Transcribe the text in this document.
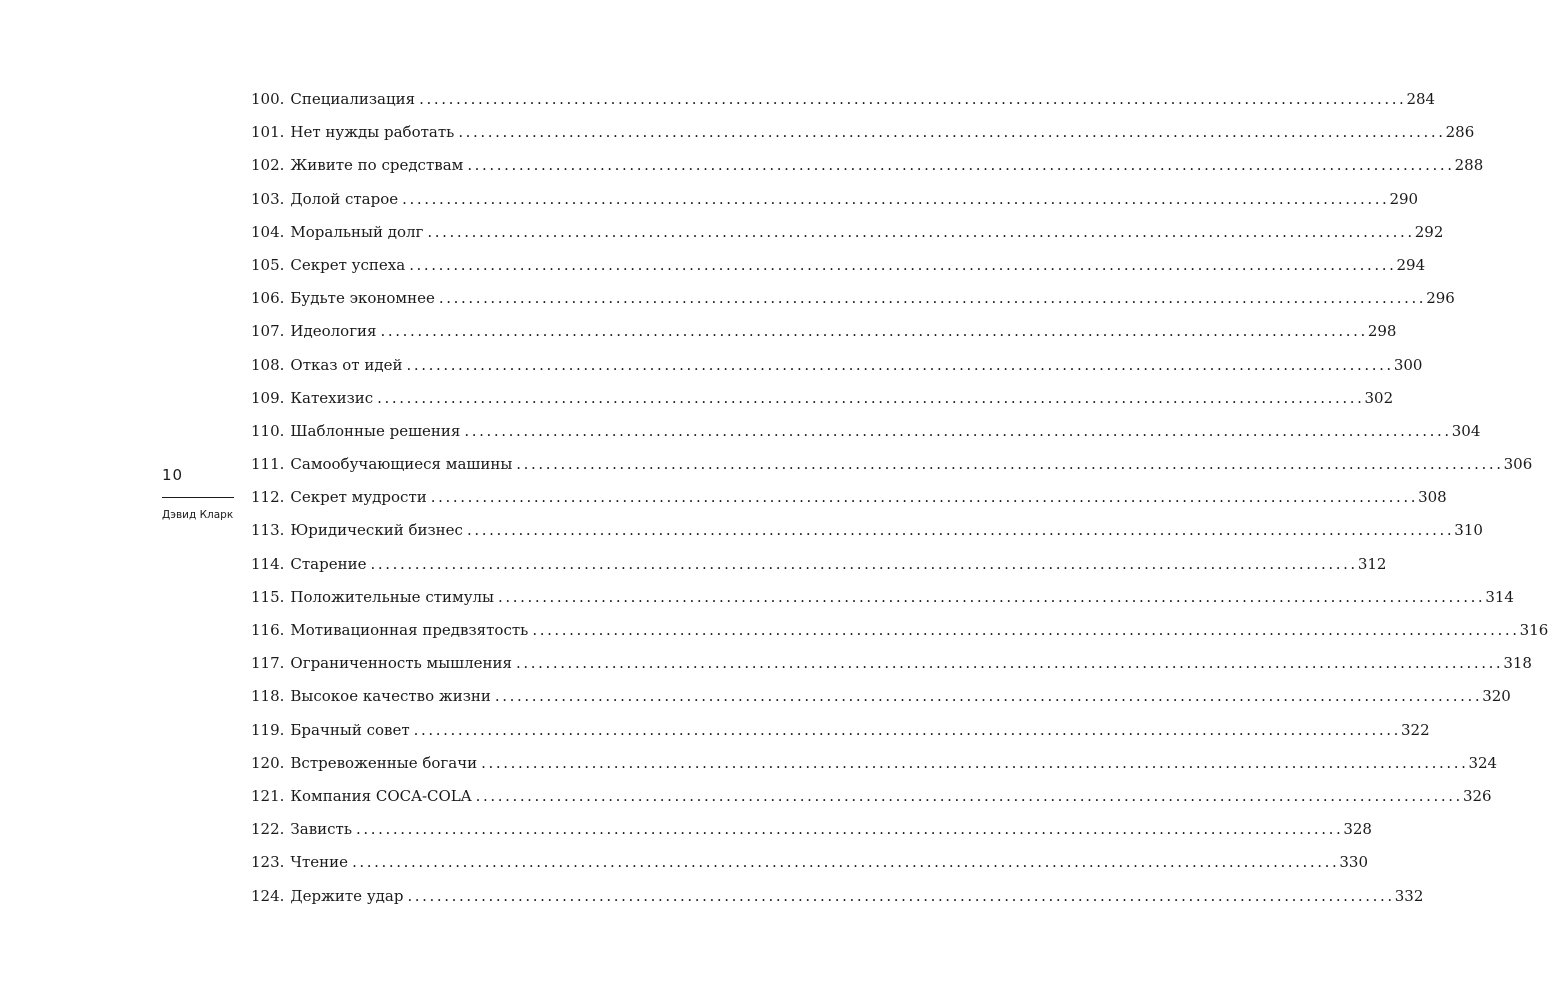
10
Дэвид Кларк
100. Специализация ...................................................................................................................................... 284
101. Нет нужды работать ...................................................................................................................................... 286
102. Живите по средствам ...................................................................................................................................... 288
103. Долой старое ...................................................................................................................................... 290
104. Моральный долг ...................................................................................................................................... 292
105. Секрет успеха ...................................................................................................................................... 294
106. Будьте экономнее ...................................................................................................................................... 296
107. Идеология ...................................................................................................................................... 298
108. Отказ от идей ...................................................................................................................................... 300
109. Катехизис ...................................................................................................................................... 302
110. Шаблонные решения ...................................................................................................................................... 304
111. Самообучающиеся машины ...................................................................................................................................... 306
112. Секрет мудрости ...................................................................................................................................... 308
113. Юридический бизнес ...................................................................................................................................... 310
114. Старение ...................................................................................................................................... 312
115. Положительные стимулы ...................................................................................................................................... 314
116. Мотивационная предвзятость ...................................................................................................................................... 316
117. Ограниченность мышления ...................................................................................................................................... 318
118. Высокое качество жизни ...................................................................................................................................... 320
119. Брачный совет ...................................................................................................................................... 322
120. Встревоженные богачи ...................................................................................................................................... 324
121. Компания COCA-COLA ...................................................................................................................................... 326
122. Зависть ...................................................................................................................................... 328
123. Чтение ...................................................................................................................................... 330
124. Держите удар ...................................................................................................................................... 332
